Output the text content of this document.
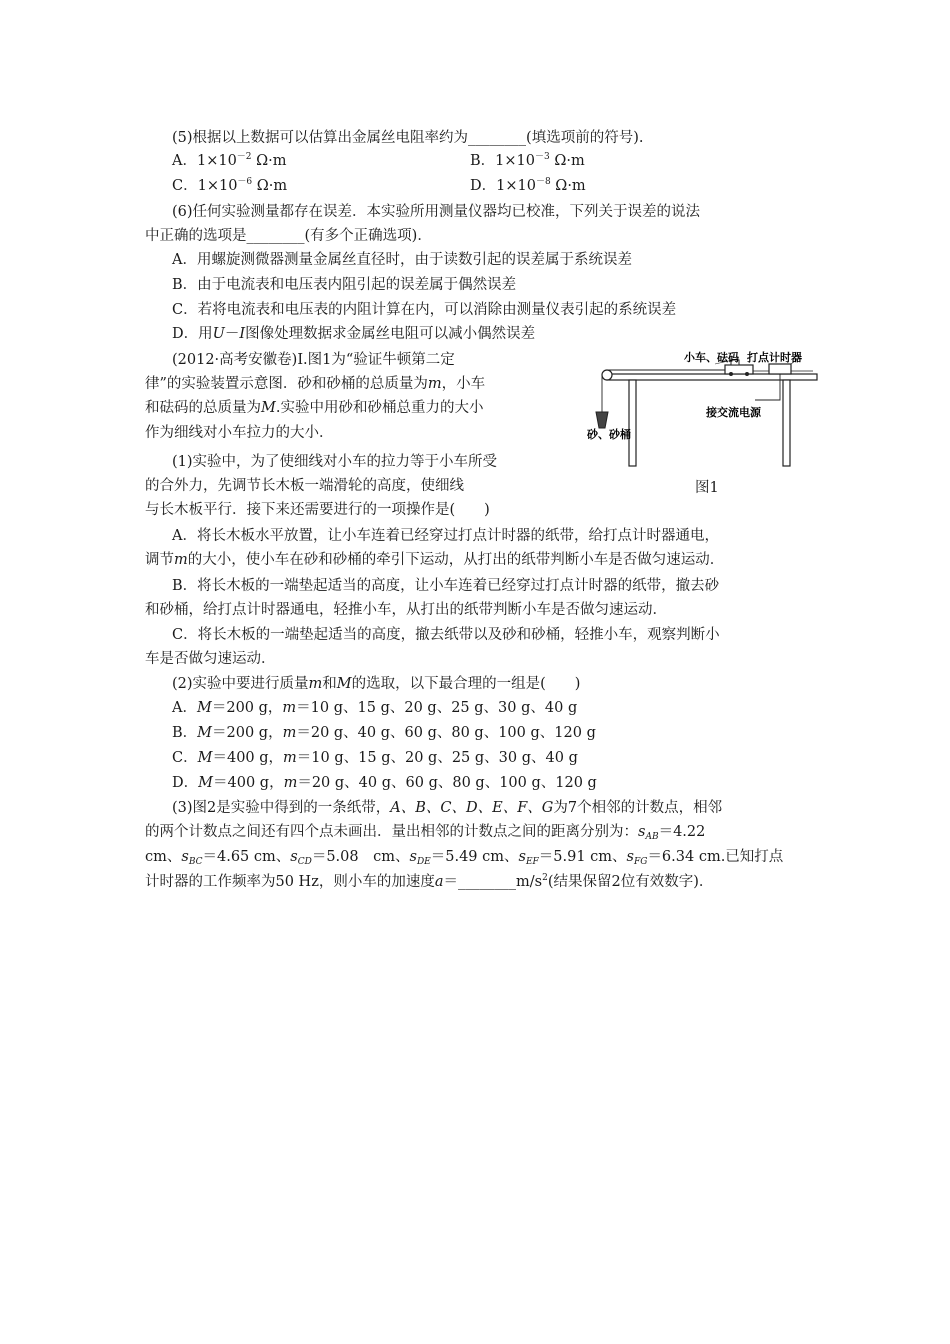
(5)根据以上数据可以估算出金属丝电阻率约为________(填选项前的符号).
A．$1\times 10^{-2}$ Ω·m	B．$1\times 10^{-3}$ Ω·m
C．$1\times 10^{-6}$ Ω·m	D．$1\times 10^{-8}$ Ω·m
(6)任何实验测量都存在误差．本实验所用测量仪器均已校准，下列关于误差的说法
中正确的选项是________(有多个正确选项)．
A．用螺旋测微器测量金属丝直径时，由于读数引起的误差属于系统误差
B．由于电流表和电压表内阻引起的误差属于偶然误差
C．若将电流表和电压表的内阻计算在内，可以消除由测量仪表引起的系统误差
D．用U－I图像处理数据求金属丝电阻可以减小偶然误差
(2012·高考安徽卷)Ⅰ.图1为“验证牛顿第二定
律”的实验装置示意图．砂和砂桶的总质量为m，小车
和砝码的总质量为M.实验中用砂和砂桶总重力的大小
作为细线对小车拉力的大小．
小车、砝码 打点计时器
接交流电源
砂、砂桶
图1
(1)实验中，为了使细线对小车的拉力等于小车所受
的合外力，先调节长木板一端滑轮的高度，使细线
与长木板平行．接下来还需要进行的一项操作是(　　)
A．将长木板水平放置，让小车连着已经穿过打点计时器的纸带，给打点计时器通电，
调节m的大小，使小车在砂和砂桶的牵引下运动，从打出的纸带判断小车是否做匀速运动．
B．将长木板的一端垫起适当的高度，让小车连着已经穿过打点计时器的纸带，撤去砂
和砂桶，给打点计时器通电，轻推小车，从打出的纸带判断小车是否做匀速运动．
C．将长木板的一端垫起适当的高度，撤去纸带以及砂和砂桶，轻推小车，观察判断小
车是否做匀速运动．
(2)实验中要进行质量m和M的选取，以下最合理的一组是(　　)
A．M＝200 g，m＝10 g、15 g、20 g、25 g、30 g、40 g
B．M＝200 g，m＝20 g、40 g、60 g、80 g、100 g、120 g
C．M＝400 g，m＝10 g、15 g、20 g、25 g、30 g、40 g
D．M＝400 g，m＝20 g、40 g、60 g、80 g、100 g、120 g
(3)图2是实验中得到的一条纸带，A、B、C、D、E、F、G为7个相邻的计数点，相邻
的两个计数点之间还有四个点未画出．量出相邻的计数点之间的距离分别为：$s_{AB}=4.22$
cm、$s_{BC}=4.65$ cm、$s_{CD}=5.08$　cm、$s_{DE}=5.49$ cm、$s_{EF}=5.91$ cm、$s_{FG}=6.34$ cm.已知打点
计时器的工作频率为50 Hz，则小车的加速度$a=\_\_\_\_\_\_\_\_m/s^2$(结果保留2位有效数字)．
